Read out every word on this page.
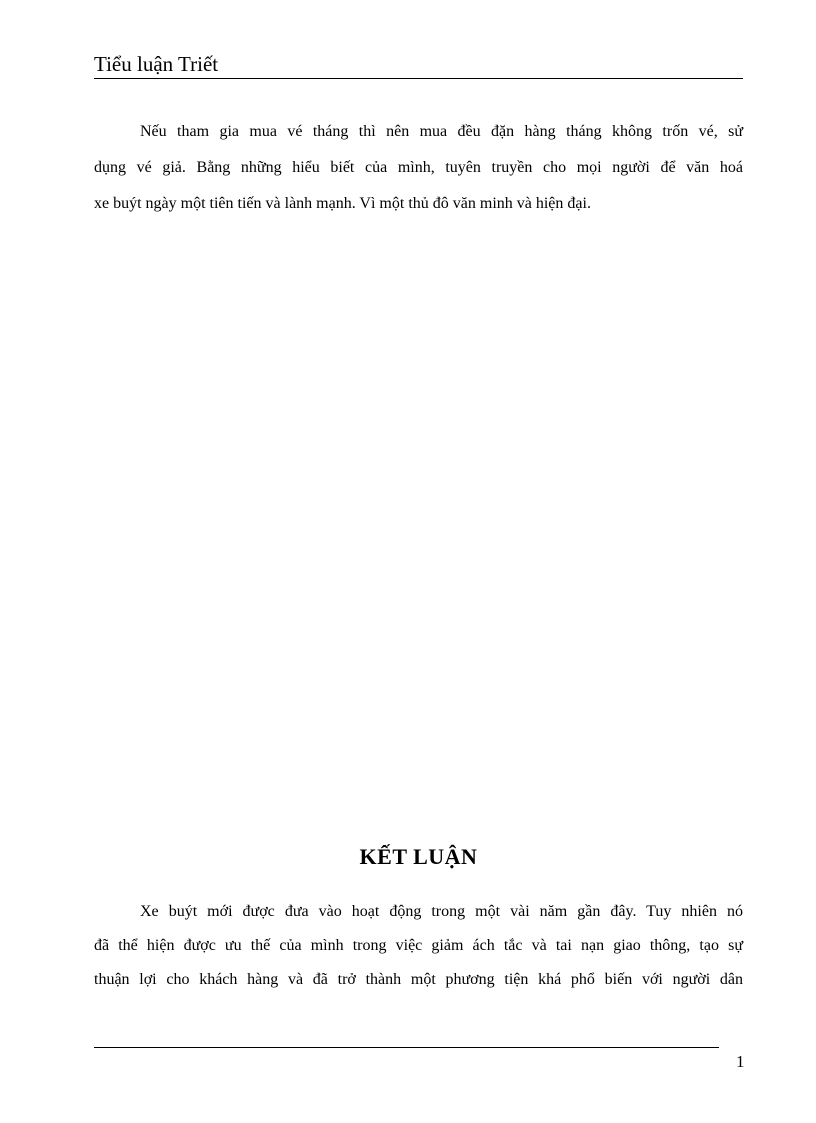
Tiểu luận Triết
Nếu tham gia mua vé tháng thì nên mua đều đặn hàng tháng không trốn vé, sử
dụng vé giả. Bằng những hiểu biết của mình, tuyên truyền cho mọi người để văn hoá
xe buýt ngày một tiên tiến và lành mạnh. Vì một thủ đô văn minh và hiện đại.
KẾT LUẬN
Xe buýt mới được đưa vào hoạt động trong một vài năm gần đây. Tuy nhiên nó
đã thể hiện được ưu thế của mình trong việc giảm ách tắc và tai nạn giao thông, tạo sự
thuận lợi cho khách hàng và đã trở thành một phương tiện khá phổ biến với người dân
1
